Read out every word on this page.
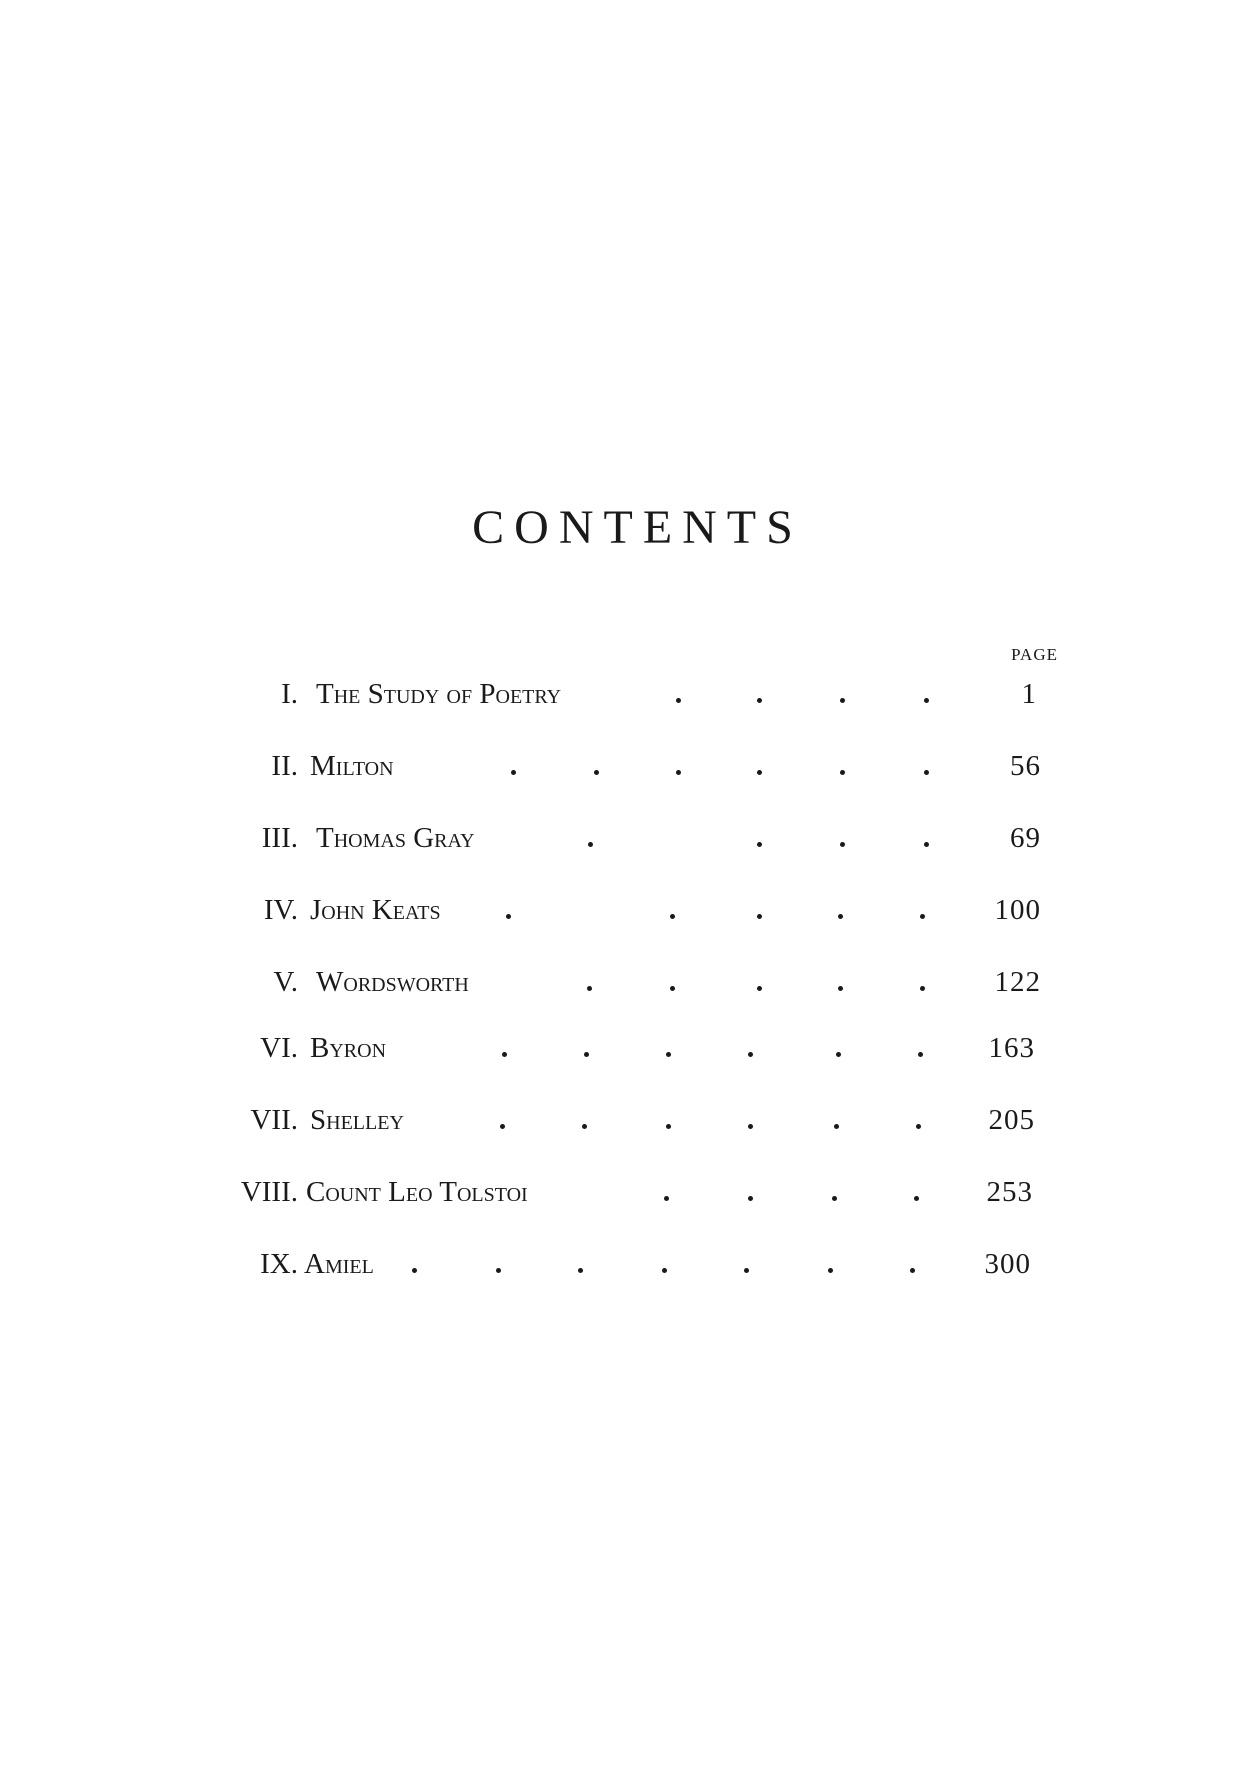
CONTENTS
PAGE
I. The Study of Poetry	1
II. Milton	56
III. Thomas Gray	69
IV. John Keats	100
V. Wordsworth	122
VI. Byron	163
VII. Shelley	205
VIII. Count Leo Tolstoi	253
IX. Amiel	300
